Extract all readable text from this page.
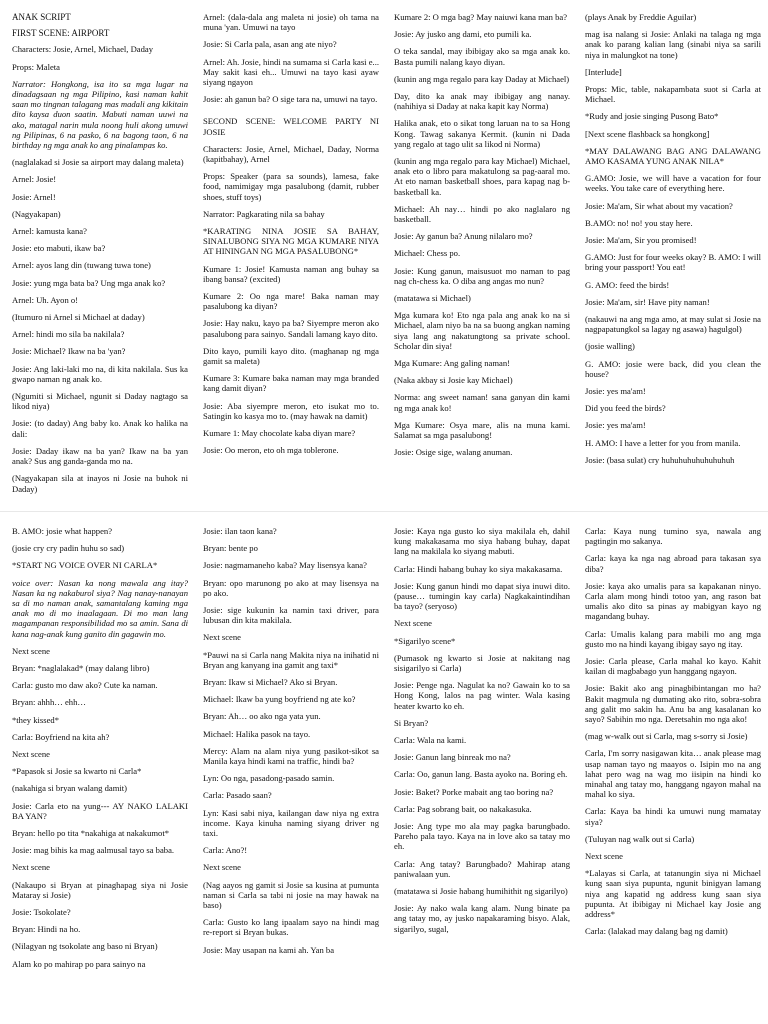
ANAK SCRIPT

FIRST SCENE: AIRPORT

Characters: Josie, Arnel, Michael, Daday

Props: Maleta

Narrator: Hongkong, isa ito sa mga lugar na dinadagsaan ng mga Pilipino, kasi naman kahit saan mo tingnan talagang mas madali ang kikitain dito kaysa duon saatin. Mabuti naman uuwi na ako, matagal narin mula noong huli akong umuwi ng Pilipinas, 6 na pasko, 6 na bagong taon, 6 na birthday ng mga anak ko ang pinalampas ko.

(naglalakad si Josie sa airport may dalang maleta)

Arnel: Josie!

Josie: Arnel!

(Nagyakapan)

Arnel: kamusta kana?

Josie: eto mabuti, ikaw ba?

Arnel: ayos lang din (tuwang tuwa tone)

Josie: yung mga bata ba? Ung mga anak ko?

Arnel: Uh. Ayon o!

(Itumuro ni Arnel si Michael at daday)

Arnel: hindi mo sila ba nakilala?

Josie: Michael? Ikaw na ba 'yan?

Josie: Ang laki-laki mo na, di kita nakilala. Sus ka gwapo naman ng anak ko.

(Ngumiti si Michael, ngunit si Daday nagtago sa likod niya)

Josie: (to daday) Ang baby ko. Anak ko halika na dali:

Josie: Daday ikaw na ba yan? Ikaw na ba yan anak? Sus ang ganda-ganda mo na.

(Nagyakapan sila at inayos ni Josie na buhok ni Daday)

Arnel: (dala-dala ang maleta ni josie) oh tama na muna 'yan. Umuwi na tayo

Josie: Si Carla pala, asan ang ate niyo?

Arnel: Ah. Josie, hindi na sumama si Carla kasi e... May sakit kasi eh... Umuwi na tayo kasi ayaw siyang ngayon

Josie: ah ganun ba? O sige tara na, umuwi na tayo.

SECOND SCENE: WELCOME PARTY NI JOSIE

Characters: Josie, Arnel, Michael, Daday, Norma (kapitbahay), Arnel

Props: Speaker (para sa sounds), lamesa, fake food, namimigay mga pasalubong (damit, rubber shoes, stuff toys)

Narrator: Pagkarating nila sa bahay

*KARATING NINA JOSIE SA BAHAY, SINALUBONG SIYA NG MGA KUMARE NIYA AT HININGAN NG MGA PASALUBONG*

Kumare 1: Josie! Kamusta naman ang buhay sa ibang bansa? (excited)

Kumare 2: Oo nga mare! Baka naman may pasalubong ka diyan?

Josie: Hay naku, kayo pa ba? Siyempre meron ako pasalubong para sainyo. Sandali lamang kayo dito.

Dito kayo, pumili kayo dito. (maghanap ng mga gamit sa maleta)

Kumare 3: Kumare baka naman may mga branded kang damit diyan?

Josie: Aba siyempre meron, eto isukat mo to. Satingin ko kasya mo to. (may hawak na damit)

Kumare 1: May chocolate kaba diyan mare?

Josie: Oo meron, eto oh mga toblerone.

Kumare 2: O mga bag? May naiuwi kana man ba?

Josie: Ay jusko ang dami, eto pumili ka.

O teka sandal, may ibibigay ako sa mga anak ko. Basta pumili nalang kayo diyan.

(kunin ang mga regalo para kay Daday at Michael)

Day, dito ka anak may ibibigay ang nanay. (nahihiya si Daday at naka kapit kay Norma)

Halika anak, eto o sikat tong laruan na to sa Hong Kong. Tawag sakanya Kermit. (kunin ni Dada yang regalo at tago ulit sa likod ni Norma)

(kunin ang mga regalo para kay Michael) Michael, anak eto o libro para makatulong sa pag-aaral mo. At eto naman basketball shoes, para kapag nag b-basketball ka.

Michael: Ah nay… hindi po ako naglalaro ng basketball.

Josie: Ay ganun ba? Anung nilalaro mo?

Michael: Chess po.

Josie: Kung ganun, maisusuot mo naman to pag nag ch-chess ka. O diba ang angas mo nun?

(matatawa si Michael)

Mga kumara ko! Eto nga pala ang anak ko na si Michael, alam niyo ba na sa buong angkan naming siya lang ang nakatungtong sa private school. Scholar din siya!

Mga Kumare: Ang galing naman!

(Naka akbay si Josie kay Michael)

Norma: ang sweet naman! sana ganyan din kami ng mga anak ko!

Mga Kumare: Osya mare, alis na muna kami. Salamat sa mga pasalubong!

Josie: Osige sige, walang anuman.

(plays Anak by Freddie Aguilar)

mag isa nalang si Josie: Anlaki na talaga ng mga anak ko parang kalian lang (sinabi niya sa sarili niya in malungkot na tone)

[Interlude]

Props: Mic, table, nakapambata suot si Carla at Michael.

*Rudy and josie singing Pusong Bato*

[Next scene flashback sa hongkong]

*MAY DALAWANG BAG ANG DALAWANG AMO KASAMA YUNG ANAK NILA*

G.AMO: Josie, we will have a vacation for four weeks. You take care of everything here.

Josie: Ma'am, Sir what about my vacation?

B.AMO: no! no! you stay here.

Josie: Ma'am, Sir you promised!

G.AMO: Just for four weeks okay? B. AMO: I will bring your passport! You eat!

G. AMO: feed the birds!

Josie: Ma'am, sir! Have pity naman!

(nakauwi na ang mga amo, at may sulat si Josie na nagpapatungkol sa lagay ng asawa) hagulgol)

(josie walling)

G. AMO: josie were back, did you clean the house?

Josie: yes ma'am!

Did you feed the birds?

Josie: yes ma'am!

H. AMO: I have a letter for you from manila.

Josie: (basa sulat) cry huhuhuhuhuhuhuhuh

B. AMO: josie what happen?

(josie cry cry padin huhu so sad)

*START NG VOICE OVER NI CARLA*

voice over: Nasan ka nong mawala ang itay? Nasan ka ng nakaburol siya? Nag nanay-nanayan sa di mo naman anak, samantalang kaming mga anak mo di mo inaalagaan. Di mo man lang magampanan responsibilidad mo sa amin. Sana di kana nag-anak kung ganito din gagawin mo.

Next scene

Bryan: *naglalakad* (may dalang libro)

Carla: gusto mo daw ako? Cute ka naman.

Bryan: ahhh… ehh…

*they kissed*

Carla: Boyfriend na kita ah?

Next scene

*Papasok si Josie sa kwarto ni Carla*

(nakahiga si bryan walang damit)

Josie: Carla eto na yung--- AY NAKO LALAKI BA YAN?

Bryan: hello po tita *nakahiga at nakakumot*

Josie: mag bihis ka mag aalmusal tayo sa baba.

Next scene

(Nakaupo si Bryan at pinaghapag siya ni Josie Mataray si Josie)

Josie: Tsokolate?

Bryan: Hindi na ho.

(Nilagyan ng tsokolate ang baso ni Bryan)

Alam ko po mahirap po para sainyo na

Josie: ilan taon kana?

Bryan: bente po

Josie: nagmamaneho kaba? May lisensya kana?

Bryan: opo marunong po ako at may lisensya na po ako.

Josie: sige kukunin ka namin taxi driver, para lubusan din kita makilala.

Next scene

*Pauwi na si Carla nang Makita niya na inihatid ni Bryan ang kanyang ina gamit ang taxi*

Bryan: Ikaw si Michael? Ako si Bryan.

Michael: Ikaw ba yung boyfriend ng ate ko?

Bryan: Ah… oo ako nga yata yun.

Michael: Halika pasok na tayo.

Mercy: Alam na alam niya yung pasikot-sikot sa Manila kaya hindi kami na traffic, hindi ba?

Lyn: Oo nga, pasadong-pasado samin.

Carla: Pasado saan?

Lyn: Kasi sabi niya, kailangan daw niya ng extra income. Kaya kinuha naming siyang driver ng taxi.

Carla: Ano?!

Next scene

(Nag aayos ng gamit si Josie sa kusina at pumunta naman si Carla sa tabi ni josie na may hawak na baso)

Carla: Gusto ko lang ipaalam sayo na hindi mag re-report si Bryan bukas.

Josie: May usapan na kami ah. Yan ba

Josie: Kaya nga gusto ko siya makilala eh, dahil kung makakasama mo siya habang buhay, dapat lang na makilala ko siyang mabuti.

Carla: Hindi habang buhay ko siya makakasama.

Josie: Kung ganun hindi mo dapat siya inuwi dito. (pause… tumingin kay carla) Nagkakaintindihan ba tayo? (seryoso)

Next scene

*Sigarilyo scene*

(Pumasok ng kwarto si Josie at nakitang nag sisigarilyo si Carla)

Josie: Penge nga. Nagulat ka no? Gawain ko to sa Hong Kong, lalos na pag winter. Wala kasing heater kwarto ko eh.

Si Bryan?

Carla: Wala na kami.

Josie: Ganun lang binreak mo na?

Carla: Oo, ganun lang. Basta ayoko na. Boring eh.

Josie: Baket? Porke mabait ang tao boring na?

Carla: Pag sobrang bait, oo nakakasuka.

Josie: Ang type mo ala may pagka barungbado. Pareho pala tayo. Kaya na in love ako sa tatay mo eh.

Carla: Ang tatay? Barungbado? Mahirap atang paniwalaan yun.

(matatawa si Josie habang humihithit ng sigarilyo)

Josie: Ay nako wala kang alam. Nung binate pa ang tatay mo, ay jusko napakaraming bisyo. Alak, sigarilyo, sugal,

Carla: Kaya nung tumino sya, nawala ang pagtingin mo sakanya.

Carla: kaya ka nga nag abroad para takasan sya diba?

Josie: kaya ako umalis para sa kapakanan ninyo. Carla alam mong hindi totoo yan, ang rason bat umalis ako dito sa pinas ay mabigyan kayo ng magandang buhay.

Carla: Umalis kalang para mabili mo ang mga gusto mo na hindi kayang ibigay sayo ng itay.

Josie: Carla please, Carla mahal ko kayo. Kahit kailan di magbabago yun hanggang ngayon.

Josie: Bakit ako ang pinagbibintangan mo ha? Bakit magmula ng dumating ako rito, sobra-sobra ang galit mo sakin ha. Anu ba ang kasalanan ko sayo? Sabihin mo nga. Deretsahin mo nga ako!

(mag w-walk out si Carla, mag s-sorry si Josie)

Carla, I'm sorry nasigawan kita… anak please mag usap naman tayo ng maayos o. Isipin mo na ang lahat pero wag na wag mo iisipin na hindi ko minahal ang tatay mo, hanggang ngayon mahal na mahal ko siya.

Carla: Kaya ba hindi ka umuwi nung mamatay siya?

(Tuluyan nag walk out si Carla)

Next scene

*Lalayas si Carla, at tatanungin siya ni Michael kung saan siya pupunta, ngunit binigyan lamang niya ang kapatid ng address kung saan siya pupunta. At ibibigay ni Michael kay Josie ang address*

Carla: (lalakad may dalang bag ng damit)
